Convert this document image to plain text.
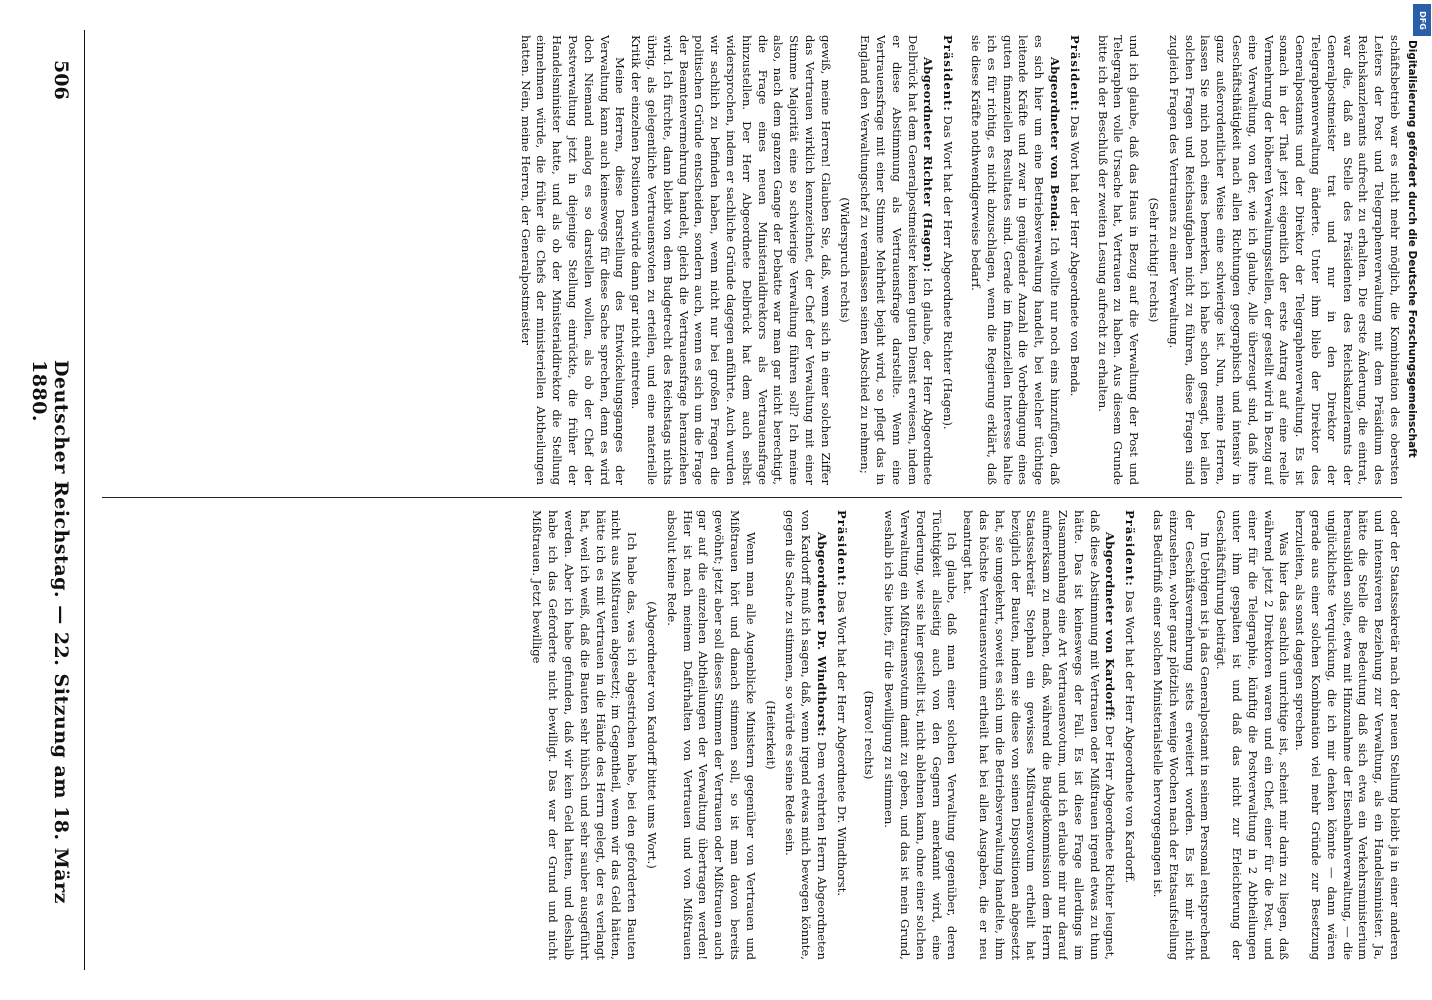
schäftsbetrieb war es nicht mehr möglich, die Kombination des obersten Leiters der Post und Telegraphenverwaltung mit dem Präsidium des Reichskanzleramts aufrecht zu erhalten. Die erste Änderung, die eintrat, war die, daß an Stelle des Präsidenten des Reichskanzleramts der Generalpostmeister trat und nur in den Direktor der Telegraphenverwaltung änderte. Unter ihm blieb der Direktor des Generalpostamts und der Direktor der Telegraphenverwaltung. Es ist sonach in der That jetzt eigentlich der erste Antrag auf eine reelle Vermehrung der höheren Verwaltungsstellen, der gestellt wird in Bezug auf eine Verwaltung, von der, wie ich glaube, Alle überzeugt sind, daß ihre Geschäftsthätigkeit nach allen Richtungen geographisch und intensiv in ganz außerordentlicher Weise eine schwierige ist. Nun, meine Herren, lassen Sie mich noch eines bemerken, ich habe schon gesagt, bei allen solchen Fragen und Reichsaufgaben nicht zu führen, diese Fragen sind zugleich Fragen des Vertrauens zu einer Verwaltung.

(Sehr richtig! rechts)

und ich glaube, daß das Haus in Bezug auf die Verwaltung der Post und Telegraphen volle Ursache hat, Vertrauen zu haben. Aus diesem Grunde bitte ich der Beschluß der zweiten Lesung aufrecht zu erhalten.

Präsident: Das Wort hat der Herr Abgeordnete von Benda.

Abgeordneter von Benda: Ich wollte nur noch eins hinzufügen, daß es sich hier um eine Betriebsverwaltung handelt, bei welcher tüchtige leitende Kräfte und zwar in genügender Anzahl die Vorbedingung eines guten finanziellen Resultates sind. Gerade im finanziellen Interesse halte ich es für richtig, es nicht abzuschlagen, wenn die Regierung erklärt, daß sie diese Kräfte nothwendigerweise bedarf.

Präsident: Das Wort hat der Herr Abgeordnete Richter (Hagen).

Abgeordneter Richter (Hagen): Ich glaube, der Herr Abgeordnete Delbrück hat dem Generalpostmeister keinen guten Dienst erwiesen, indem er diese Abstimmung als Vertrauensfrage darstellte. Wenn eine Vertrauensfrage mit einer Stimme Mehrheit bejaht wird, so pflegt das in England den Verwaltungschef zu veranlassen seinen Abschied zu nehmen;

(Widerspruch rechts)

gewiß, meine Herren! Glauben Sie, daß, wenn sich in einer solchen Ziffer das Vertrauen wirklich kennzeichnet, der Chef der Verwaltung mit einer Stimme Majorität eine so schwierige Verwaltung führen soll? Ich meine also, nach dem ganzen Gange der Debatte war man gar nicht berechtigt, die Frage eines neuen Ministerialdirektors als Vertrauensfrage hinzustellen. Der Herr Abgeordnete Delbrück hat dem auch selbst widersprochen, indem er sachliche Gründe dagegen anführte. Auch wurden wir sachlich zu befinden haben, wenn nicht nur bei großen Fragen die politischen Gründe entscheiden, sondern auch, wenn es sich um die Frage der Beamtenvermehrung handelt, gleich die Vertrauensfrage heranziehen wird. Ich fürchte, dann bleibt von dem Budgetrecht des Reichstags nichts übrig, als gelegentliche Vertrauensvoten zu erteilen, und eine materielle Kritik der einzelnen Positionen würde dann gar nicht eintreten.

Meine Herren, diese Darstellung des Entwickelungsganges der Verwaltung kann auch keineswegs für diese Sache sprechen, denn es wird doch Niemand analog es so darstellen wollen, als ob der Chef der Postverwaltung jetzt in diejenige Stellung einrückte, die früher der Handelsminister hatte, und als ob der Ministerialdirektor die Stellung einnehmen würde, die früher die Chefs der ministeriellen Abtheilungen hatten. Nein, meine Herren, der Generalpostmeister

oder der Staatssekretär nach der neuen Stellung bleibt ja in einer anderen und intensiveren Beziehung zur Verwaltung, als ein Handelsminister. Ja, hätte die Stelle die Bedeutung daß sich etwa ein Verkehrsministerium herausbilden sollte, etwa mit Hinzunahme der Eisenbahnverwaltung, — die unglücklichste Verquickung, die ich mir denken könnte — dann wären gerade aus einer solchen Kombination viel mehr Gründe zur Besetzung herzuleiten, als sonst dagegen sprechen.

Was hier das sachlich unrichtige ist, scheint mir darin zu liegen, daß während jetzt 2 Direktoren waren und ein Chef, einer für die Post, und einer für die Telegraphie, künftig die Postverwaltung in 2 Abtheilungen unter ihm gespalten ist und daß das nicht zur Erleichterung der Geschäftsführung beiträgt.

Im Uebrigen ist ja das Generalpostamt in seinem Personal entsprechend der Geschäftsvermehrung stets erweitert worden. Es ist mir nicht einzusehen, woher ganz plötzlich wenige Wochen nach der Etatsaufstellung das Bedürfniß einer solchen Ministerialstelle hervorgegangen ist.

Präsident: Das Wort hat der Herr Abgeordnete von Kardorff.

Abgeordneter von Kardorff: Der Herr Abgeordnete Richter leugnet, daß diese Abstimmung mit Vertrauen oder Mißtrauen irgend etwas zu thun hätte. Das ist keineswegs der Fall. Es ist diese Frage allerdings im Zusammenhang eine Art Vertrauensvotum, und ich erlaube mir nur darauf aufmerksam zu machen, daß, während die Budgetkommission dem Herrn Staatssekretär Stephan ein gewisses Mißtrauensvotum ertheilt hat bezüglich der Bauten, indem sie diese von seinen Dispositionen abgesetzt hat, sie umgekehrt, soweit es sich um die Betriebsverwaltung handelte, ihm das höchste Vertrauensvotum ertheilt hat bei allen Ausgaben, die er neu beantragt hat.

Ich glaube, daß man einer solchen Verwaltung gegenüber, deren Tüchtigkeit allseitig auch von den Gegnern anerkannt wird, eine Forderung, wie sie hier gestellt ist, nicht ablehnen kann, ohne einer solchen Verwaltung ein Mißtrauensvotum damit zu geben, und das ist mein Grund, weshalb ich Sie bitte, für die Bewilligung zu stimmen.

(Bravo! rechts)

Präsident: Das Wort hat der Herr Abgeordnete Dr. Windthorst.

Abgeordneter Dr. Windthorst: Dem verehrten Herrn Abgeordneten von Kardorff muß ich sagen, daß, wenn irgend etwas mich bewegen könnte, gegen die Sache zu stimmen, so würde es seine Rede sein.

(Heiterkeit)

Wenn man alle Augenblicke Ministern gegenüber von Vertrauen und Mißtrauen hört und danach stimmen soll, so ist man davon bereits gewöhnt; jetzt aber soll dieses Stimmen der Vertrauen oder Mißtrauen auch gar auf die einzelnen Abtheilungen der Verwaltung übertragen werden! Hier ist nach meinem Dafürhalten von Vertrauen und von Mißtrauen absolut keine Rede.

(Abgeordneter von Kardorff bittet ums Wort.)

Ich habe das, was ich abgestrichen habe, bei den geforderten Bauten nicht aus Mißtrauen abgesetzt; im Gegentheil, wenn wir das Geld hätten, hätte ich es mit Vertrauen in die Hände des Herrn gelegt, der es verlangt hat, weil ich weiß, daß die Bauten sehr hübsch und sehr sauber ausgeführt werden. Aber ich habe gefunden, daß wir kein Geld hatten, und deshalb habe ich das Geforderte nicht bewilligt. Das war der Grund und nicht Mißtrauen. Jetzt bewillige

506
Deutscher Reichstag. — 22. Sitzung am 18. März 1880.
DFG
Digitalisierung gefördert durch die Deutsche Forschungsgemeinschaft
